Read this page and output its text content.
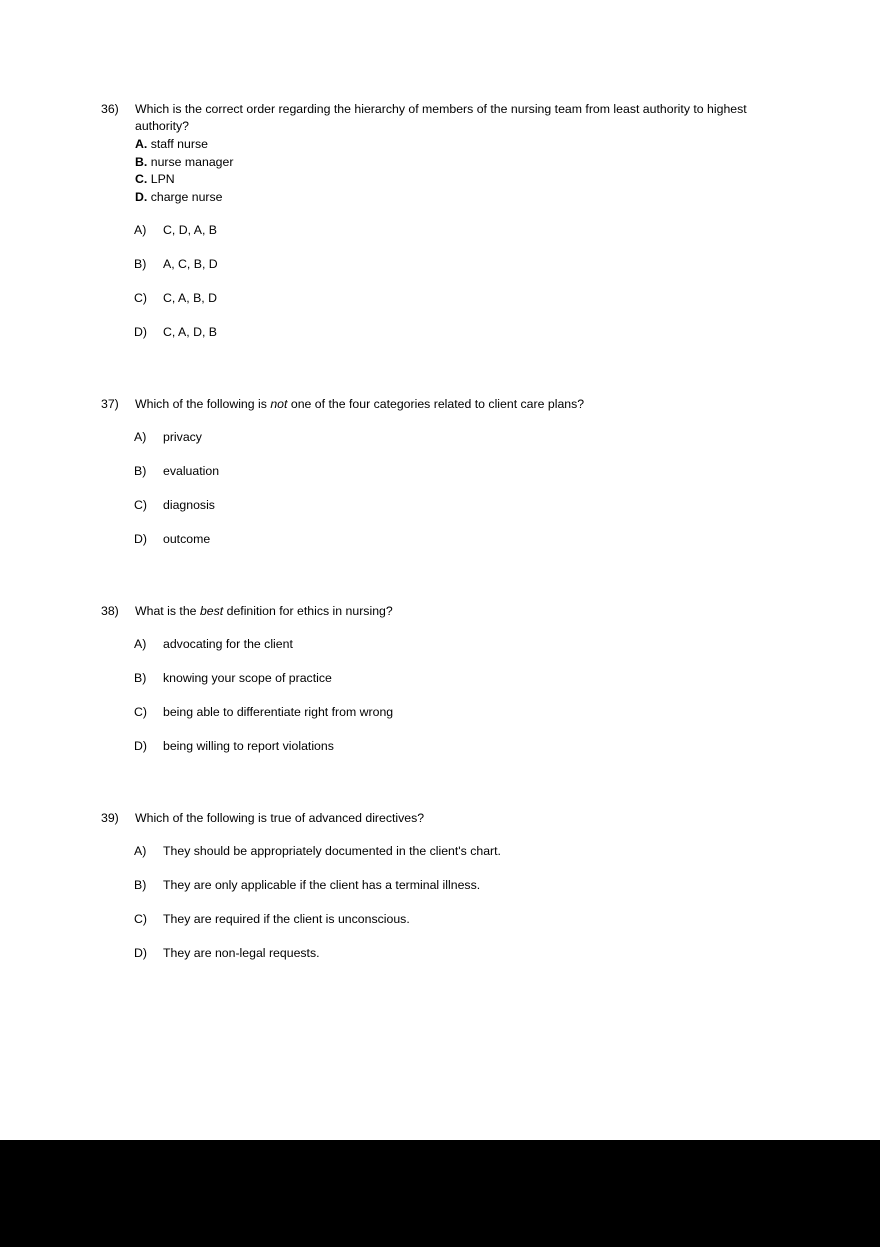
36)	Which is the correct order regarding the hierarchy of members of the nursing team from least authority to highest authority?
A. staff nurse
B. nurse manager
C. LPN
D. charge nurse
A)	C, D, A, B
B)	A, C, B, D
C)	C, A, B, D
D)	C, A, D, B
37)	Which of the following is not one of the four categories related to client care plans?
A)	privacy
B)	evaluation
C)	diagnosis
D)	outcome
38)	What is the best definition for ethics in nursing?
A)	advocating for the client
B)	knowing your scope of practice
C)	being able to differentiate right from wrong
D)	being willing to report violations
39)	Which of the following is true of advanced directives?
A)	They should be appropriately documented in the client's chart.
B)	They are only applicable if the client has a terminal illness.
C)	They are required if the client is unconscious.
D)	They are non-legal requests.
